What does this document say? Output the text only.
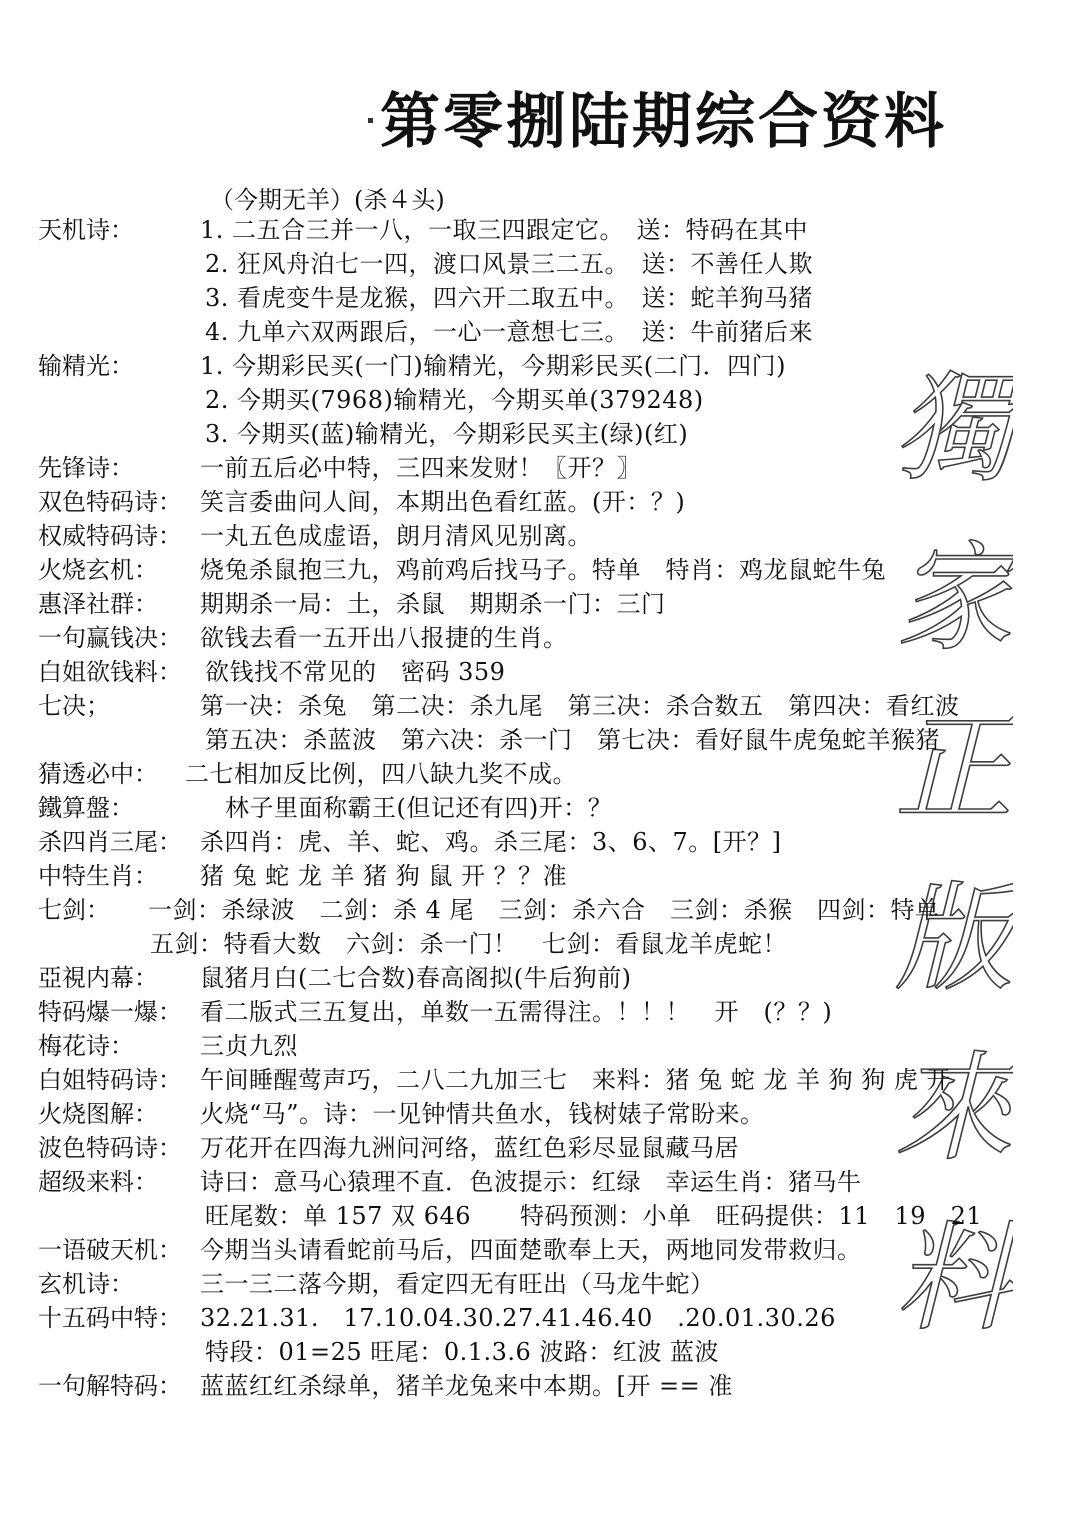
第零捌陆期综合资料
（今期无羊）(杀４头)
獨家正版來料
天机诗：	1. 二五合三并一八，一取三四跟定它。　送：特码在其中
2. 狂风舟泊七一四，渡口风景三二五。　送：不善任人欺
3. 看虎变牛是龙猴，四六开二取五中。　送：蛇羊狗马猪
4. 九单六双两跟后，一心一意想七三。　送：牛前猪后来
输精光：	1. 今期彩民买(一门)输精光，今期彩民买(二门．四门)
2. 今期买(7968)输精光，今期买单(379248)
3. 今期买(蓝)输精光，今期彩民买主(绿)(红)
先锋诗：	一前五后必中特，三四来发财！〖开？〗
双色特码诗： 笑言委曲问人间，本期出色看红蓝。(开：？)
权威特码诗： 一丸五色成虚语，朗月清风见别离。
火烧玄机： 烧兔杀鼠抱三九，鸡前鸡后找马子。特单　特肖：鸡龙鼠蛇牛兔
惠泽社群： 期期杀一局：土，杀鼠　期期杀一门：三门
一句赢钱决： 欲钱去看一五开出八报捷的生肖。
白姐欲钱料： 欲钱找不常见的　密码 359
七决；	第一决：杀兔　第二决：杀九尾　第三决：杀合数五　第四决：看红波
第五决：杀蓝波　第六决：杀一门　第七决：看好鼠牛虎兔蛇羊猴猪
猜透必中： 二七相加反比例，四八缺九奖不成。
鐵算盤：	林子里面称霸王(但记还有四)开：？
杀四肖三尾： 杀四肖：虎、羊、蛇、鸡。杀三尾：3、6、7。[开？]
中特生肖： 猪 兔 蛇 龙 羊 猪 狗 鼠 开 ？？准
七剑： 一剑：杀绿波　二剑：杀 4 尾　三剑：杀六合　三剑：杀猴　四剑：特单
五剑：特看大数　六剑：杀一门！　七剑：看鼠龙羊虎蛇！
亞視内幕： 鼠猪月白(二七合数)春高阁拟(牛后狗前)
特码爆一爆： 看二版式三五复出，单数一五需得注。！！！　开　(？？)
梅花诗：	三贞九烈
白姐特码诗： 午间睡醒莺声巧，二八二九加三七　来料：猪 兔 蛇 龙 羊 狗 狗 虎 开
火烧图解： 火烧“马”。诗：一见钟情共鱼水，钱树婊子常盼来。
波色特码诗： 万花开在四海九洲问河络，蓝红色彩尽显鼠藏马居
超级来料： 诗曰：意马心猿理不直．色波提示：红绿　幸运生肖：猪马牛
旺尾数：单 157 双 646　　特码预测：小单　旺码提供：11　19　21
一语破天机： 今期当头请看蛇前马后，四面楚歌奉上天，两地同发带救归。
玄机诗：	三一三二落今期，看定四无有旺出（马龙牛蛇）
十五码中特： 32.21.31.　17.10.04.30.27.41.46.40　.20.01.30.26
特段：01=25 旺尾：0.1.3.6 波路：红波 蓝波
一句解特码： 蓝蓝红红杀绿单，猪羊龙兔来中本期。[开 == 准
